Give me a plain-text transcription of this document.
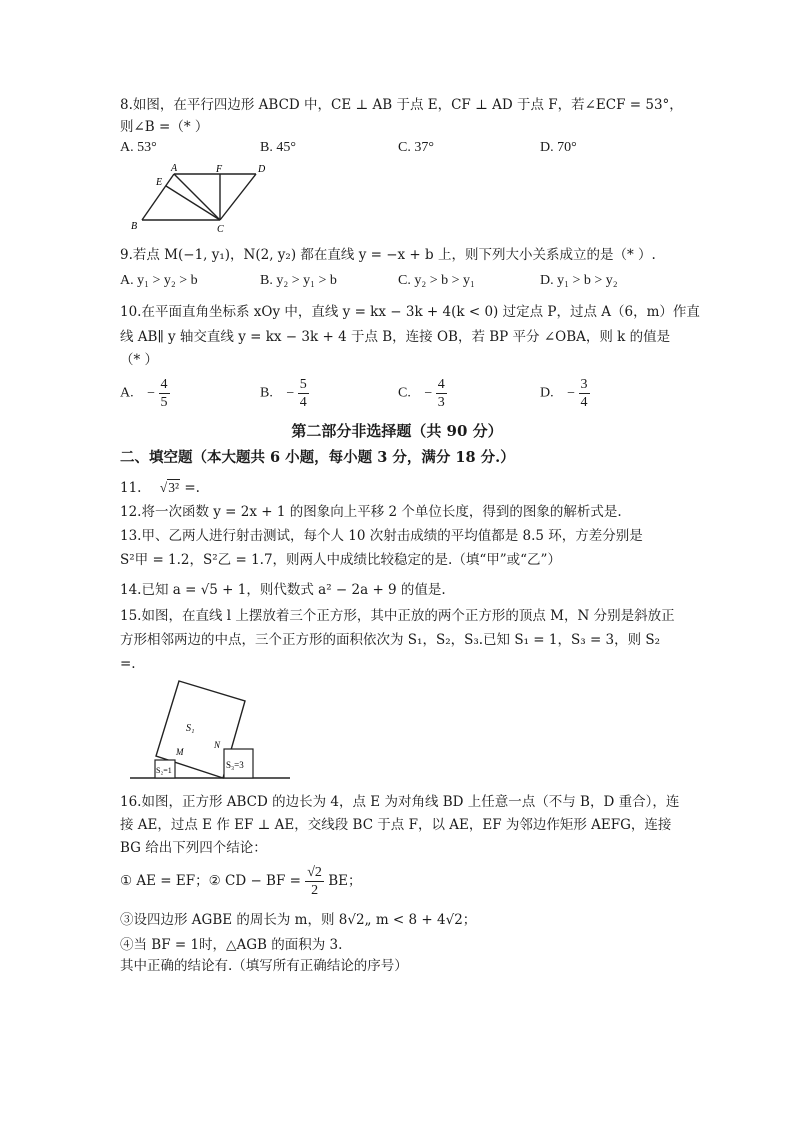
8.如图，在平行四边形 ABCD 中，CE ⊥ AB 于点 E，CF ⊥ AD 于点 F，若∠ECF = 53°，
则∠B =（* ）
A. 53°	B. 45°	C. 37°	D. 70°
A	F	D
E
B	C
9.若点 M(−1, y₁)，N(2, y₂) 都在直线 y = −x + b 上，则下列大小关系成立的是（* ）.
A. y₁ > y₂ > b	B. y₂ > y₁ > b	C. y₂ > b > y₁	D. y₁ > b > y₂
10.在平面直角坐标系 xOy 中，直线 y = kx − 3k + 4(k < 0) 过定点 P，过点 A（6，m）作直
线 AB∥ y 轴交直线 y = kx − 3k + 4 于点 B，连接 OB，若 BP 平分 ∠OBA，则 k 的值是
（* ）
A. − $\frac{4}{5}$	B. − $\frac{5}{4}$	C. − $\frac{4}{3}$	D. − $\frac{3}{4}$
第二部分非选择题（共 90 分）
二、填空题（本大题共 6 小题，每小题 3 分，满分 18 分.）
11. √3² =.
12.将一次函数 y = 2x + 1 的图象向上平移 2 个单位长度，得到的图象的解析式是.
13.甲、乙两人进行射击测试，每个人 10 次射击成绩的平均值都是 8.5 环，方差分别是
S²甲 = 1.2，S²乙 = 1.7，则两人中成绩比较稳定的是.（填“甲”或“乙”）
14.已知 a = √5 + 1，则代数式 a² − 2a + 9 的值是.
15.如图，在直线 l 上摆放着三个正方形，其中正放的两个正方形的顶点 M，N 分别是斜放正
方形相邻两边的中点，三个正方形的面积依次为 S₁，S₂，S₃.已知 S₁ = 1，S₃ = 3，则 S₂
=.
S₁
M
N
S₂=1
S₃=3
16.如图，正方形 ABCD 的边长为 4，点 E 为对角线 BD 上任意一点（不与 B，D 重合），连
接 AE，过点 E 作 EF ⊥ AE，交线段 BC 于点 F，以 AE，EF 为邻边作矩形 AEFG，连接
BG 给出下列四个结论：
① AE = EF；② CD − BF = $\frac{√2}{2}$ BE；
③设四边形 AGBE 的周长为 m，则 8√2„ m < 8 + 4√2；
④当 BF = 1时，△AGB 的面积为 3.
其中正确的结论有.（填写所有正确结论的序号）
